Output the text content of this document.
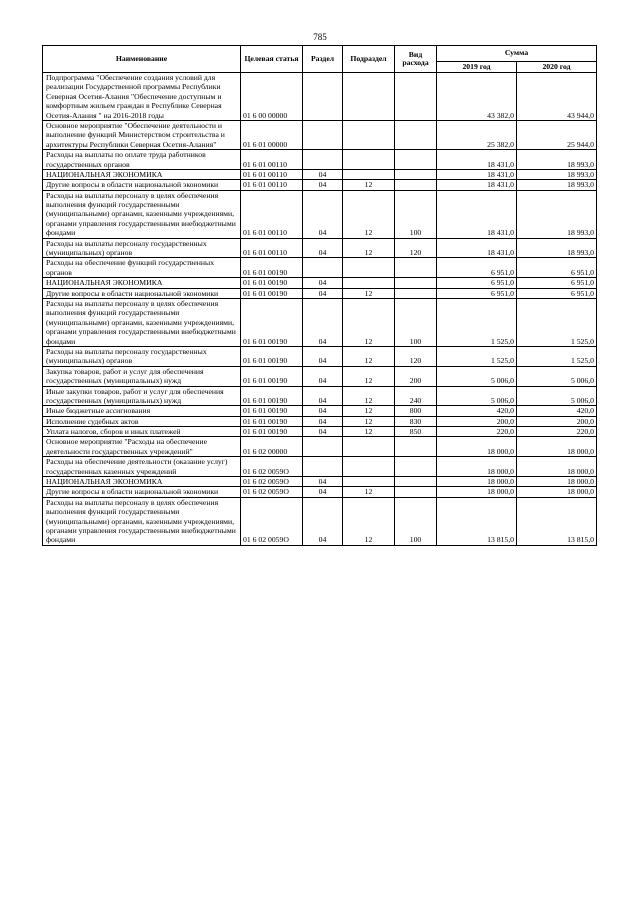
785
Наименование	Целевая статья	Раздел	Подраздел	Вид расхода	Сумма	
					2019 год	2020 год
Подпрограмма "Обеспечение создания условий для реализации Государственной программы Республики Северная Осетия-Алания "Обеспечение доступным и комфортным жильем граждан в Республике Северная Осетия-Алания " на 2016-2018 годы	01 6 00 00000				43 382,0	43 944,0
Основное мероприятие "Обеспечение деятельности и выполнение функций Министерством строительства и архитектуры Республики Северная Осетия-Алания"	01 6 01 00000				25 382,0	25 944,0
Расходы на выплаты по оплате труда работников государственных органов	01 6 01 00110				18 431,0	18 993,0
НАЦИОНАЛЬНАЯ ЭКОНОМИКА	01 6 01 00110	04			18 431,0	18 993,0
Другие вопросы в области национальной экономики	01 6 01 00110	04	12		18 431,0	18 993,0
Расходы на выплаты персоналу в целях обеспечения выполнения функций государственными (муниципальными) органами, казенными учреждениями, органами управления государственными внебюджетными фондами	01 6 01 00110	04	12	100	18 431,0	18 993,0
Расходы на выплаты персоналу государственных (муниципальных) органов	01 6 01 00110	04	12	120	18 431,0	18 993,0
Расходы на обеспечение функций государственных органов	01 6 01 00190				6 951,0	6 951,0
НАЦИОНАЛЬНАЯ ЭКОНОМИКА	01 6 01 00190	04			6 951,0	6 951,0
Другие вопросы в области национальной экономики	01 6 01 00190	04	12		6 951,0	6 951,0
Расходы на выплаты персоналу в целях обеспечения выполнения функций государственными (муниципальными) органами, казенными учреждениями, органами управления государственными внебюджетными фондами	01 6 01 00190	04	12	100	1 525,0	1 525,0
Расходы на выплаты персоналу государственных (муниципальных) органов	01 6 01 00190	04	12	120	1 525,0	1 525,0
Закупка товаров, работ и услуг для обеспечения государственных (муниципальных) нужд	01 6 01 00190	04	12	200	5 006,0	5 006,0
Иные закупки товаров, работ и услуг для обеспечения государственных (муниципальных) нужд	01 6 01 00190	04	12	240	5 006,0	5 006,0
Иные бюджетные ассигнования	01 6 01 00190	04	12	800	420,0	420,0
Исполнение судебных актов	01 6 01 00190	04	12	830	200,0	200,0
Уплата налогов, сборов и иных платежей	01 6 01 00190	04	12	850	220,0	220,0
Основное мероприятие "Расходы на обеспечение деятельности государственных учреждений"	01 6 02 00000				18 000,0	18 000,0
Расходы на обеспечение деятельности (оказание услуг) государственных казенных учреждений	01 6 02 0059О				18 000,0	18 000,0
НАЦИОНАЛЬНАЯ ЭКОНОМИКА	01 6 02 0059О	04			18 000,0	18 000,0
Другие вопросы в области национальной экономики	01 6 02 0059О	04	12		18 000,0	18 000,0
Расходы на выплаты персоналу в целях обеспечения выполнения функций государственными (муниципальными) органами, казенными учреждениями, органами управления государственными внебюджетными фондами	01 6 02 0059О	04	12	100	13 815,0	13 815,0
